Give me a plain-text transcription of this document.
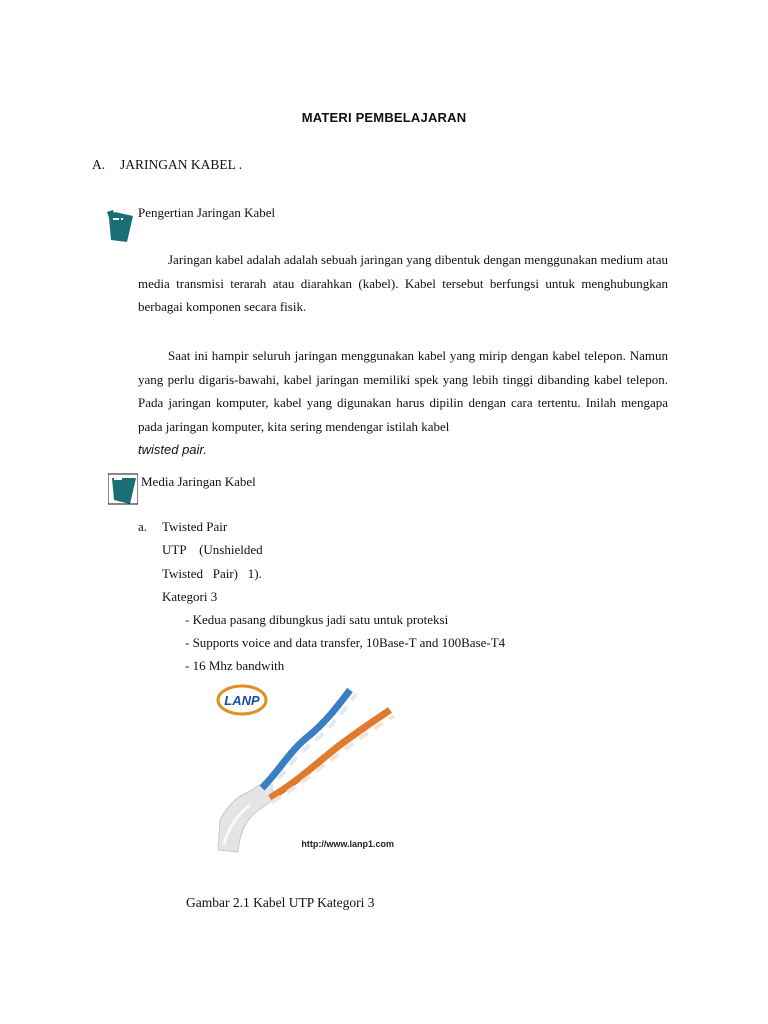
MATERI PEMBELAJARAN
A. JARINGAN KABEL .
Pengertian Jaringan Kabel
Jaringan kabel adalah adalah sebuah jaringan yang dibentuk dengan menggunakan medium atau media transmisi terarah atau diarahkan (kabel). Kabel tersebut berfungsi untuk menghubungkan berbagai komponen secara fisik.
Saat ini hampir seluruh jaringan menggunakan kabel yang mirip dengan kabel telepon. Namun yang perlu digaris-bawahi, kabel jaringan memiliki spek yang lebih tinggi dibanding kabel telepon. Pada jaringan komputer, kabel yang digunakan harus dipilin dengan cara tertentu. Inilah mengapa pada jaringan komputer, kita sering mendengar istilah kabel
twisted pair.
Media Jaringan Kabel
a. Twisted Pair
UTP    (Unshielded
Twisted   Pair)   1).
Kategori 3
- Kedua pasang dibungkus jadi satu untuk proteksi
- Supports voice and data transfer, 10Base-T and 100Base-T4
- 16 Mhz bandwith
LANP
http://www.lanp1.com
Gambar 2.1 Kabel UTP Kategori 3
